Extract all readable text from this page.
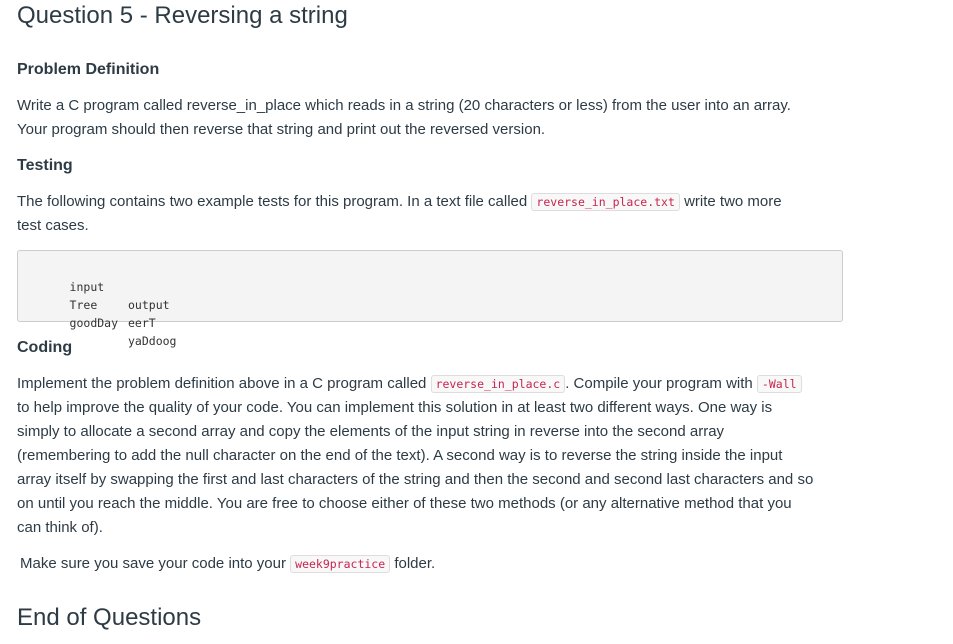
Question 5 - Reversing a string
Problem Definition

Write a C program called reverse_in_place which reads in a string (20 characters or less) from the user into an array.

Your program should then reverse that string and print out the reversed version.

Testing

The following contains two example tests for this program. In a text file called reverse_in_place.txt write two more

test cases.

input

output

Tree

eerT

goodDay

yaDdoog

Coding

Implement the problem definition above in a C program called reverse_in_place.c . Compile your program with -Wall

to help improve the quality of your code. You can implement this solution in at least two different ways. One way is

simply to allocate a second array and copy the elements of the input string in reverse into the second array

(remembering to add the null character on the end of the text). A second way is to reverse the string inside the input

array itself by swapping the first and last characters of the string and then the second and second last characters and so

on until you reach the middle. You are free to choose either of these two methods (or any alternative method that you

can think of).

Make sure you save your code into your week9practice folder.

End of Questions
